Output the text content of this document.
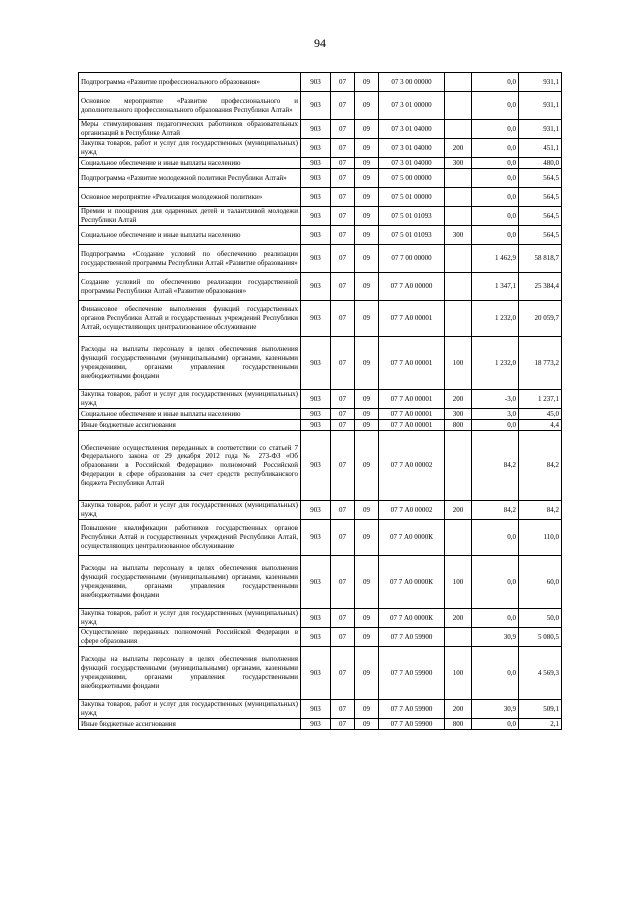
94
Подпрограмма «Развитие профессионального образования»	903	07	09	07 3 00 00000		0,0	931,1
Основное мероприятие «Развитие профессионального и дополнительного профессионального образования Республики Алтай»	903	07	09	07 3 01 00000		0,0	931,1
Меры стимулирования педагогических работников образовательных организаций в Республике Алтай	903	07	09	07 3 01 04000		0,0	931,1
Закупка товаров, работ и услуг для государственных (муниципальных) нужд	903	07	09	07 3 01 04000	200	0,0	451,1
Социальное обеспечение и иные выплаты населению	903	07	09	07 3 01 04000	300	0,0	480,0
Подпрограмма «Развитие молодежной политики Республики Алтай»	903	07	09	07 5 00 00000		0,0	564,5
Основное мероприятие «Реализация молодежной политики»	903	07	09	07 5 01 00000		0,0	564,5
Премии и поощрения для одаренных детей и талантливой молодежи Республики Алтай	903	07	09	07 5 01 01093		0,0	564,5
Социальное обеспечение и иные выплаты населению	903	07	09	07 5 01 01093	300	0,0	564,5
Подпрограмма «Создание условий по обеспечению реализации государственной программы Республики Алтай «Развитие образования»	903	07	09	07 7 00 00000		1 462,9	58 818,7
Создание условий по обеспечению реализации государственной программы Республики Алтай «Развитие образования»	903	07	09	07 7 А0 00000		1 347,1	25 384,4
Финансовое обеспечение выполнения функций государственных органов Республики Алтай и государственных учреждений Республики Алтай, осуществляющих централизованное обслуживание	903	07	09	07 7 А0 00001		1 232,0	20 059,7
Расходы на выплаты персоналу в целях обеспечения выполнения функций государственными (муниципальными) органами, казенными учреждениями, органами управления государственными внебюджетными фондами	903	07	09	07 7 А0 00001	100	1 232,0	18 773,2
Закупка товаров, работ и услуг для государственных (муниципальных) нужд	903	07	09	07 7 А0 00001	200	-3,0	1 237,1
Социальное обеспечение и иные выплаты населению	903	07	09	07 7 А0 00001	300	3,0	45,0
Иные бюджетные ассигнования	903	07	09	07 7 А0 00001	800	0,0	4,4
Обеспечение осуществления переданных в соответствии со статьей 7 Федерального закона от 29 декабря 2012 года № 273-ФЗ «Об образовании в Российской Федерации» полномочий Российской Федерации в сфере образования за счет средств республиканского бюджета Республики Алтай	903	07	09	07 7 А0 00002		84,2	84,2
Закупка товаров, работ и услуг для государственных (муниципальных) нужд	903	07	09	07 7 А0 00002	200	84,2	84,2
Повышение квалификации работников государственных органов Республики Алтай и государственных учреждений Республики Алтай, осуществляющих централизованное обслуживание	903	07	09	07 7 А0 0000К		0,0	110,0
Расходы на выплаты персоналу в целях обеспечения выполнения функций государственными (муниципальными) органами, казенными учреждениями, органами управления государственными внебюджетными фондами	903	07	09	07 7 А0 0000К	100	0,0	60,0
Закупка товаров, работ и услуг для государственных (муниципальных) нужд	903	07	09	07 7 А0 0000К	200	0,0	50,0
Осуществление переданных полномочий Российской Федерации в сфере образования	903	07	09	07 7 А0 59900		30,9	5 080,5
Расходы на выплаты персоналу в целях обеспечения выполнения функций государственными (муниципальными) органами, казенными учреждениями, органами управления государственными внебюджетными фондами	903	07	09	07 7 А0 59900	100	0,0	4 569,3
Закупка товаров, работ и услуг для государственных (муниципальных) нужд	903	07	09	07 7 А0 59900	200	30,9	509,1
Иные бюджетные ассигнования	903	07	09	07 7 А0 59900	800	0,0	2,1
